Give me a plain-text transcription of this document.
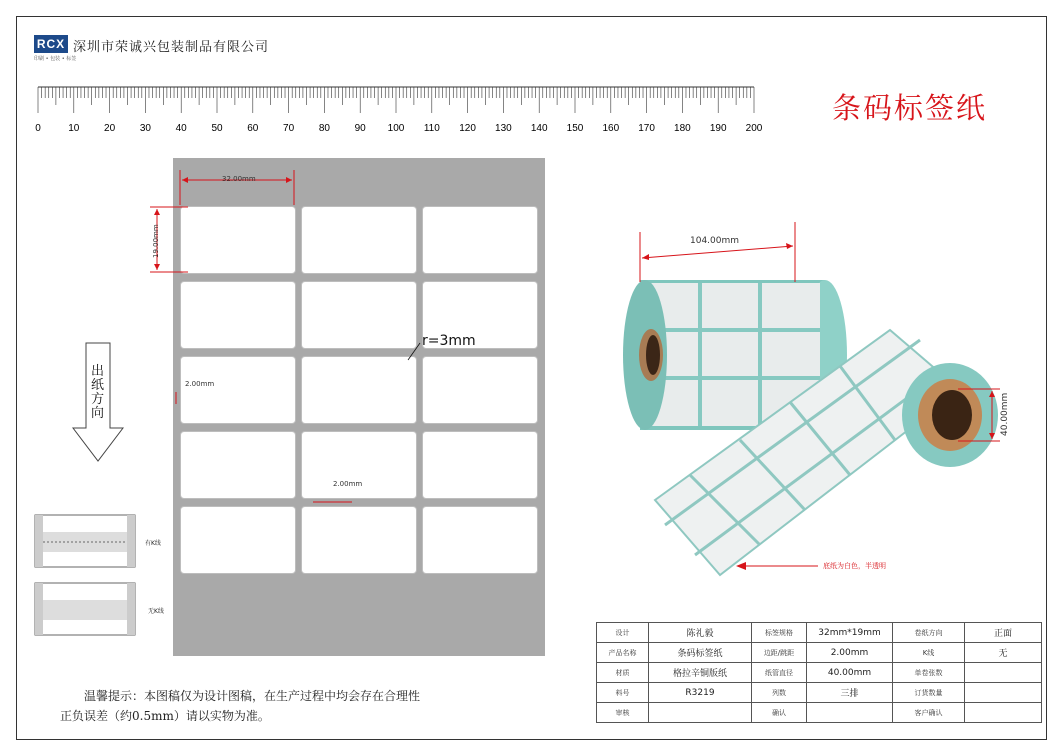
RCX
印刷 • 包装 • 标签
深圳市荣诚兴包装制品有限公司
条码标签纸
0	10 20 30 40 50 60 70 80 90 100 110 120 130 140 150 160 170 180 190 200
32.00mm
19.00mm
2.00mm
2.00mm
r=3mm
出
纸
方
向
有K线
无K线
104.00mm
40.00mm
底纸为白色，半透明
温馨提示：本图稿仅为设计图稿，在生产过程中均会存在合理性
正负误差（约0.5mm）请以实物为准。
设计	陈礼毅	标签规格	32mm*19mm	卷纸方向	正面
产品名称	条码标签纸	边距/跳距	2.00mm	K线	无
材质	格拉辛铜版纸	纸管直径	40.00mm	单卷张数	
料号	R3219	列数	三排	订货数量	
审核		确认		客户确认	
